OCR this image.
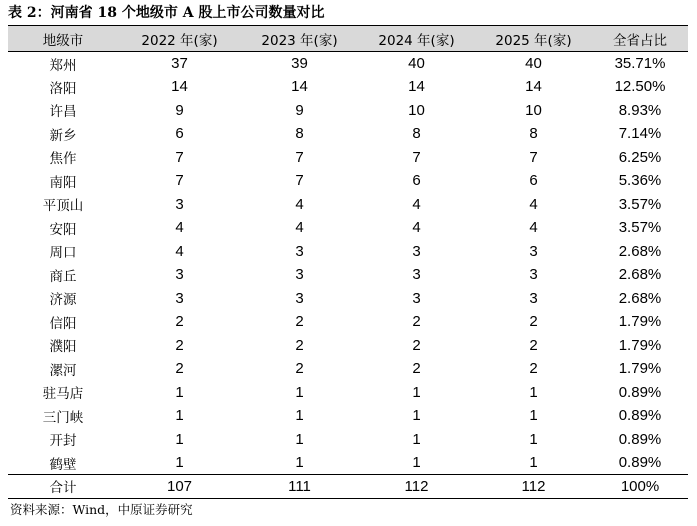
表 2：河南省 18 个地级市 A 股上市公司数量对比
地级市	2022 年(家)	2023 年(家)	2024 年(家)	2025 年(家)	全省占比
郑州	37	39	40	40	35.71%
洛阳	14	14	14	14	12.50%
许昌	9	9	10	10	8.93%
新乡	6	8	8	8	7.14%
焦作	7	7	7	7	6.25%
南阳	7	7	6	6	5.36%
平顶山	3	4	4	4	3.57%
安阳	4	4	4	4	3.57%
周口	4	3	3	3	2.68%
商丘	3	3	3	3	2.68%
济源	3	3	3	3	2.68%
信阳	2	2	2	2	1.79%
濮阳	2	2	2	2	1.79%
漯河	2	2	2	2	1.79%
驻马店	1	1	1	1	0.89%
三门峡	1	1	1	1	0.89%
开封	1	1	1	1	0.89%
鹤壁	1	1	1	1	0.89%
合计	107	111	112	112	100%
资料来源：Wind，中原证券研究
